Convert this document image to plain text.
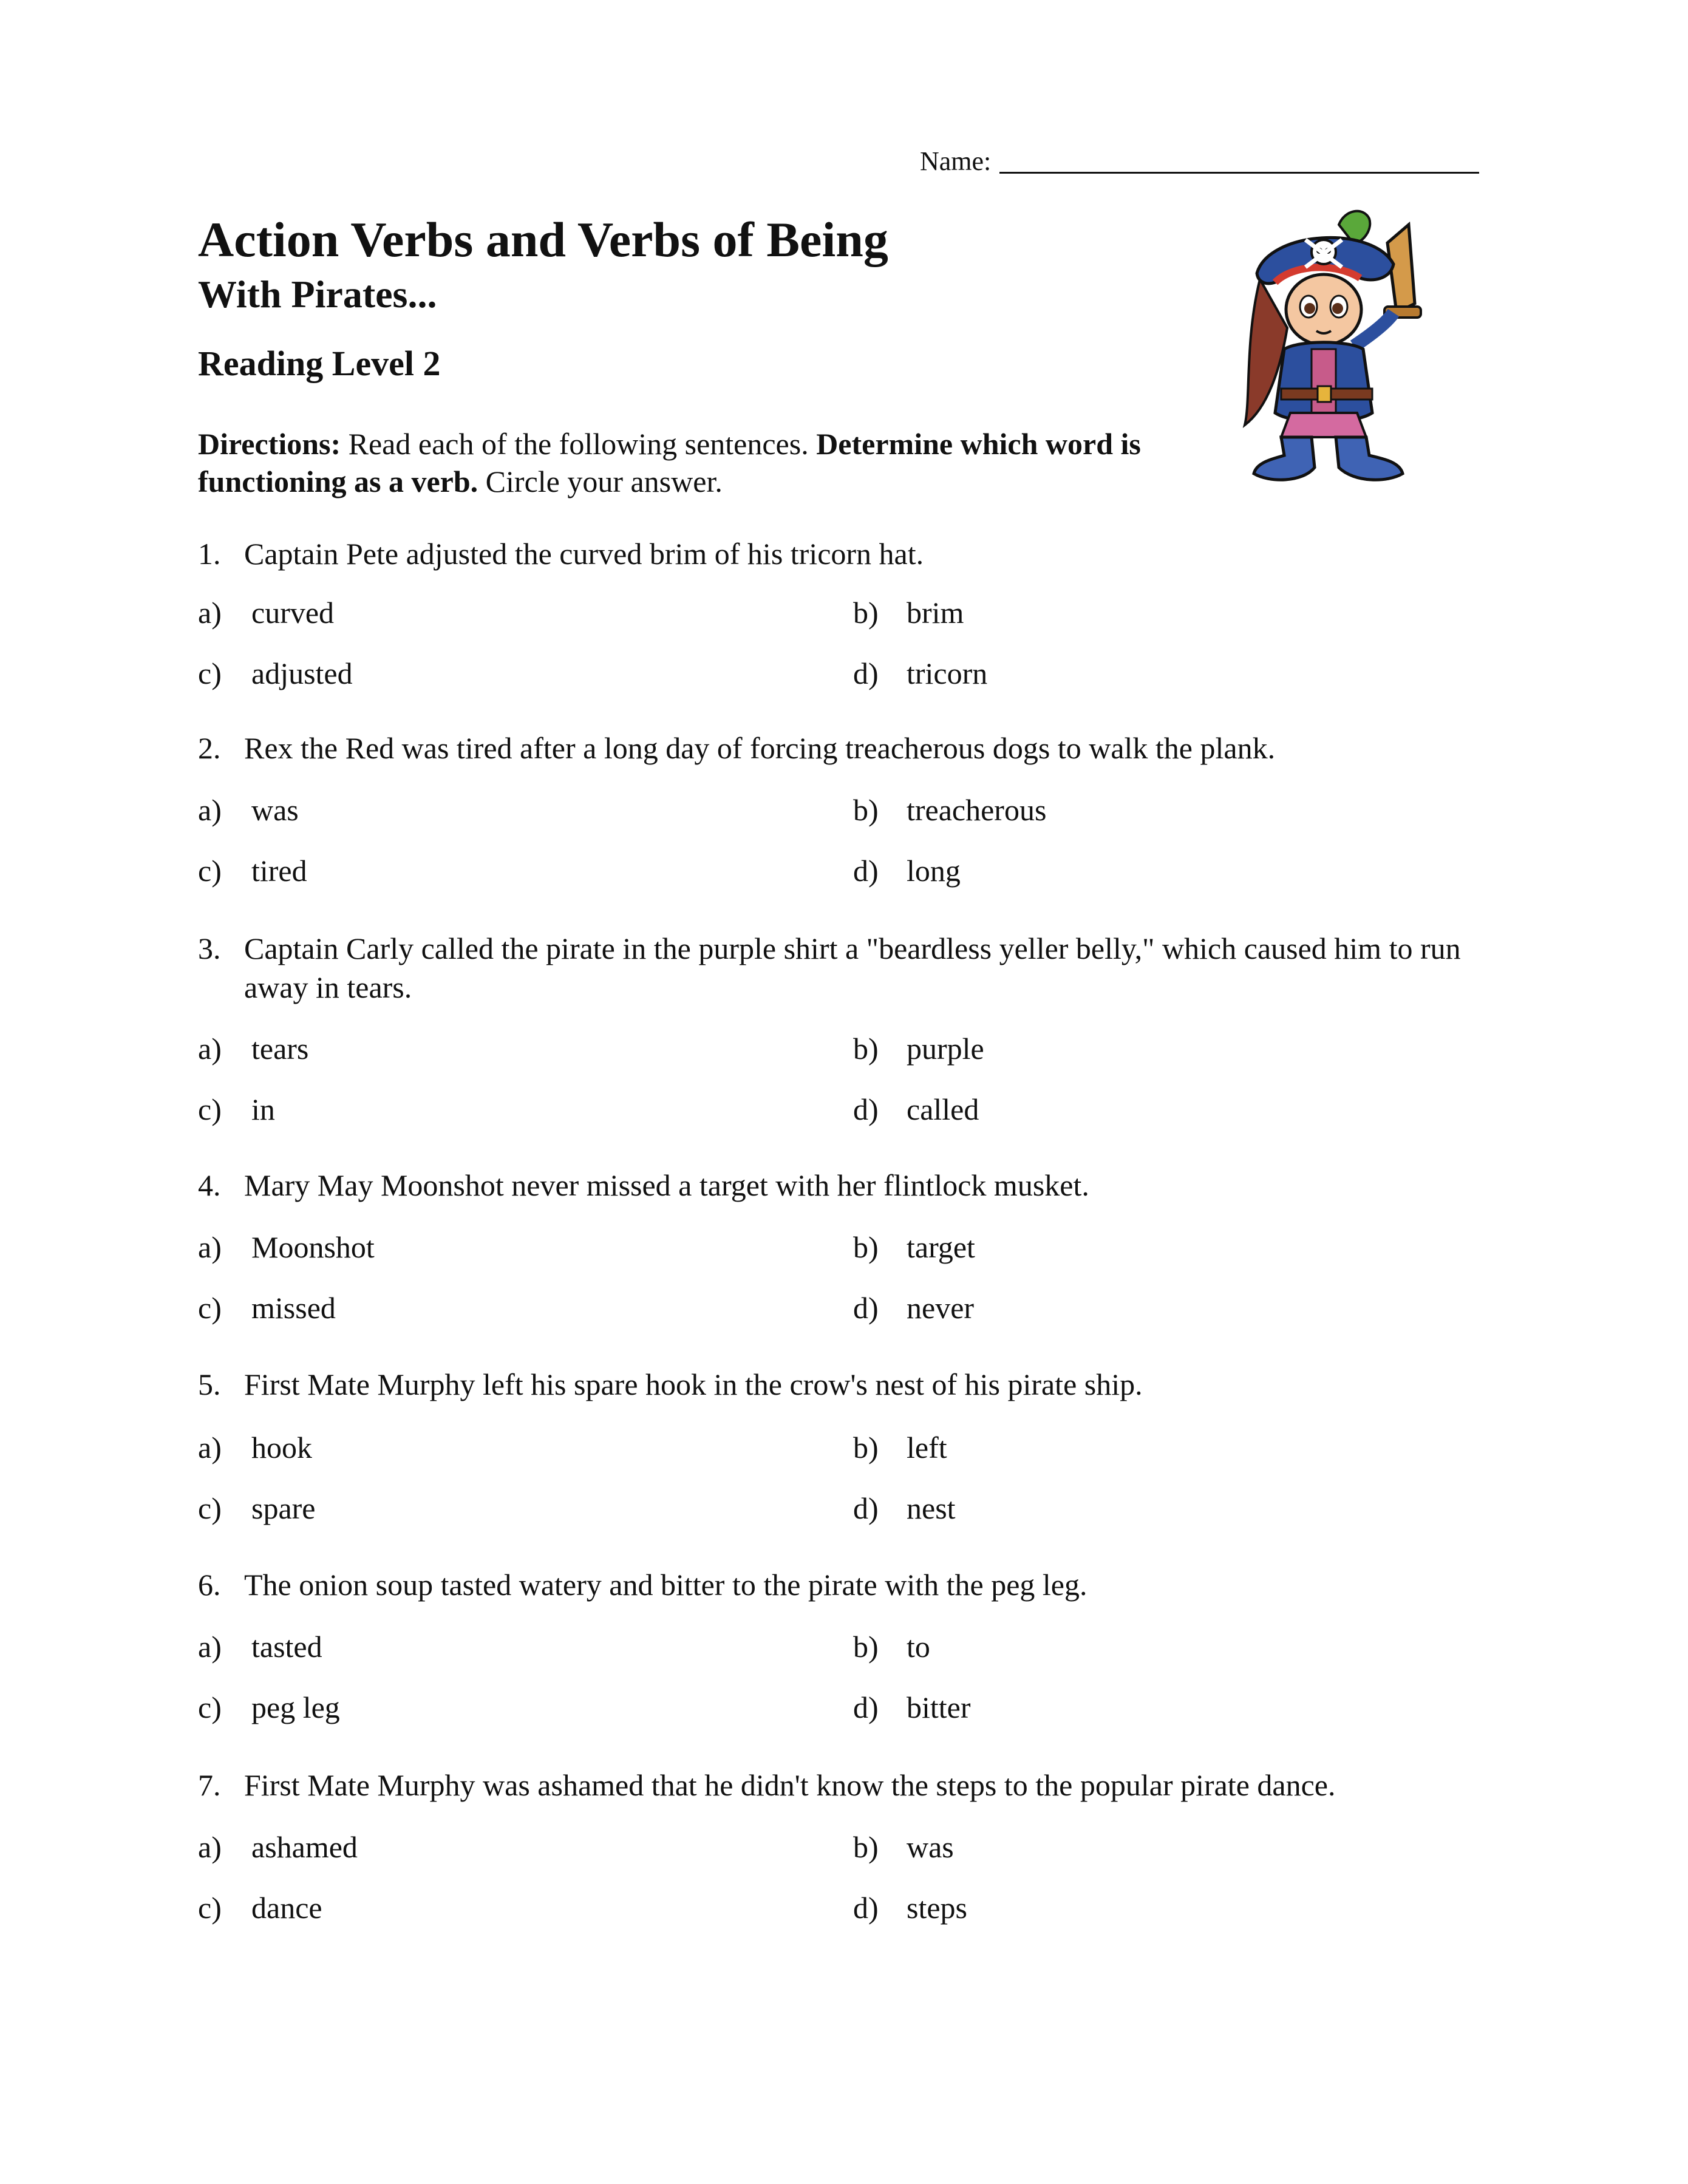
Name:
Action Verbs and Verbs of Being
With Pirates...
Reading Level 2
Directions: Read each of the following sentences. Determine which word is functioning as a verb. Circle your answer.
1. Captain Pete adjusted the curved brim of his tricorn hat.
a) curved	b) brim
c) adjusted	d) tricorn
2. Rex the Red was tired after a long day of forcing treacherous dogs to walk the plank.
a) was	b) treacherous
c) tired	d) long
3. Captain Carly called the pirate in the purple shirt a "beardless yeller belly," which caused him to run away in tears.
a) tears	b) purple
c) in	d) called
4. Mary May Moonshot never missed a target with her flintlock musket.
a) Moonshot	b) target
c) missed	d) never
5. First Mate Murphy left his spare hook in the crow's nest of his pirate ship.
a) hook	b) left
c) spare	d) nest
6. The onion soup tasted watery and bitter to the pirate with the peg leg.
a) tasted	b) to
c) peg leg	d) bitter
7. First Mate Murphy was ashamed that he didn't know the steps to the popular pirate dance.
a) ashamed	b) was
c) dance	d) steps
